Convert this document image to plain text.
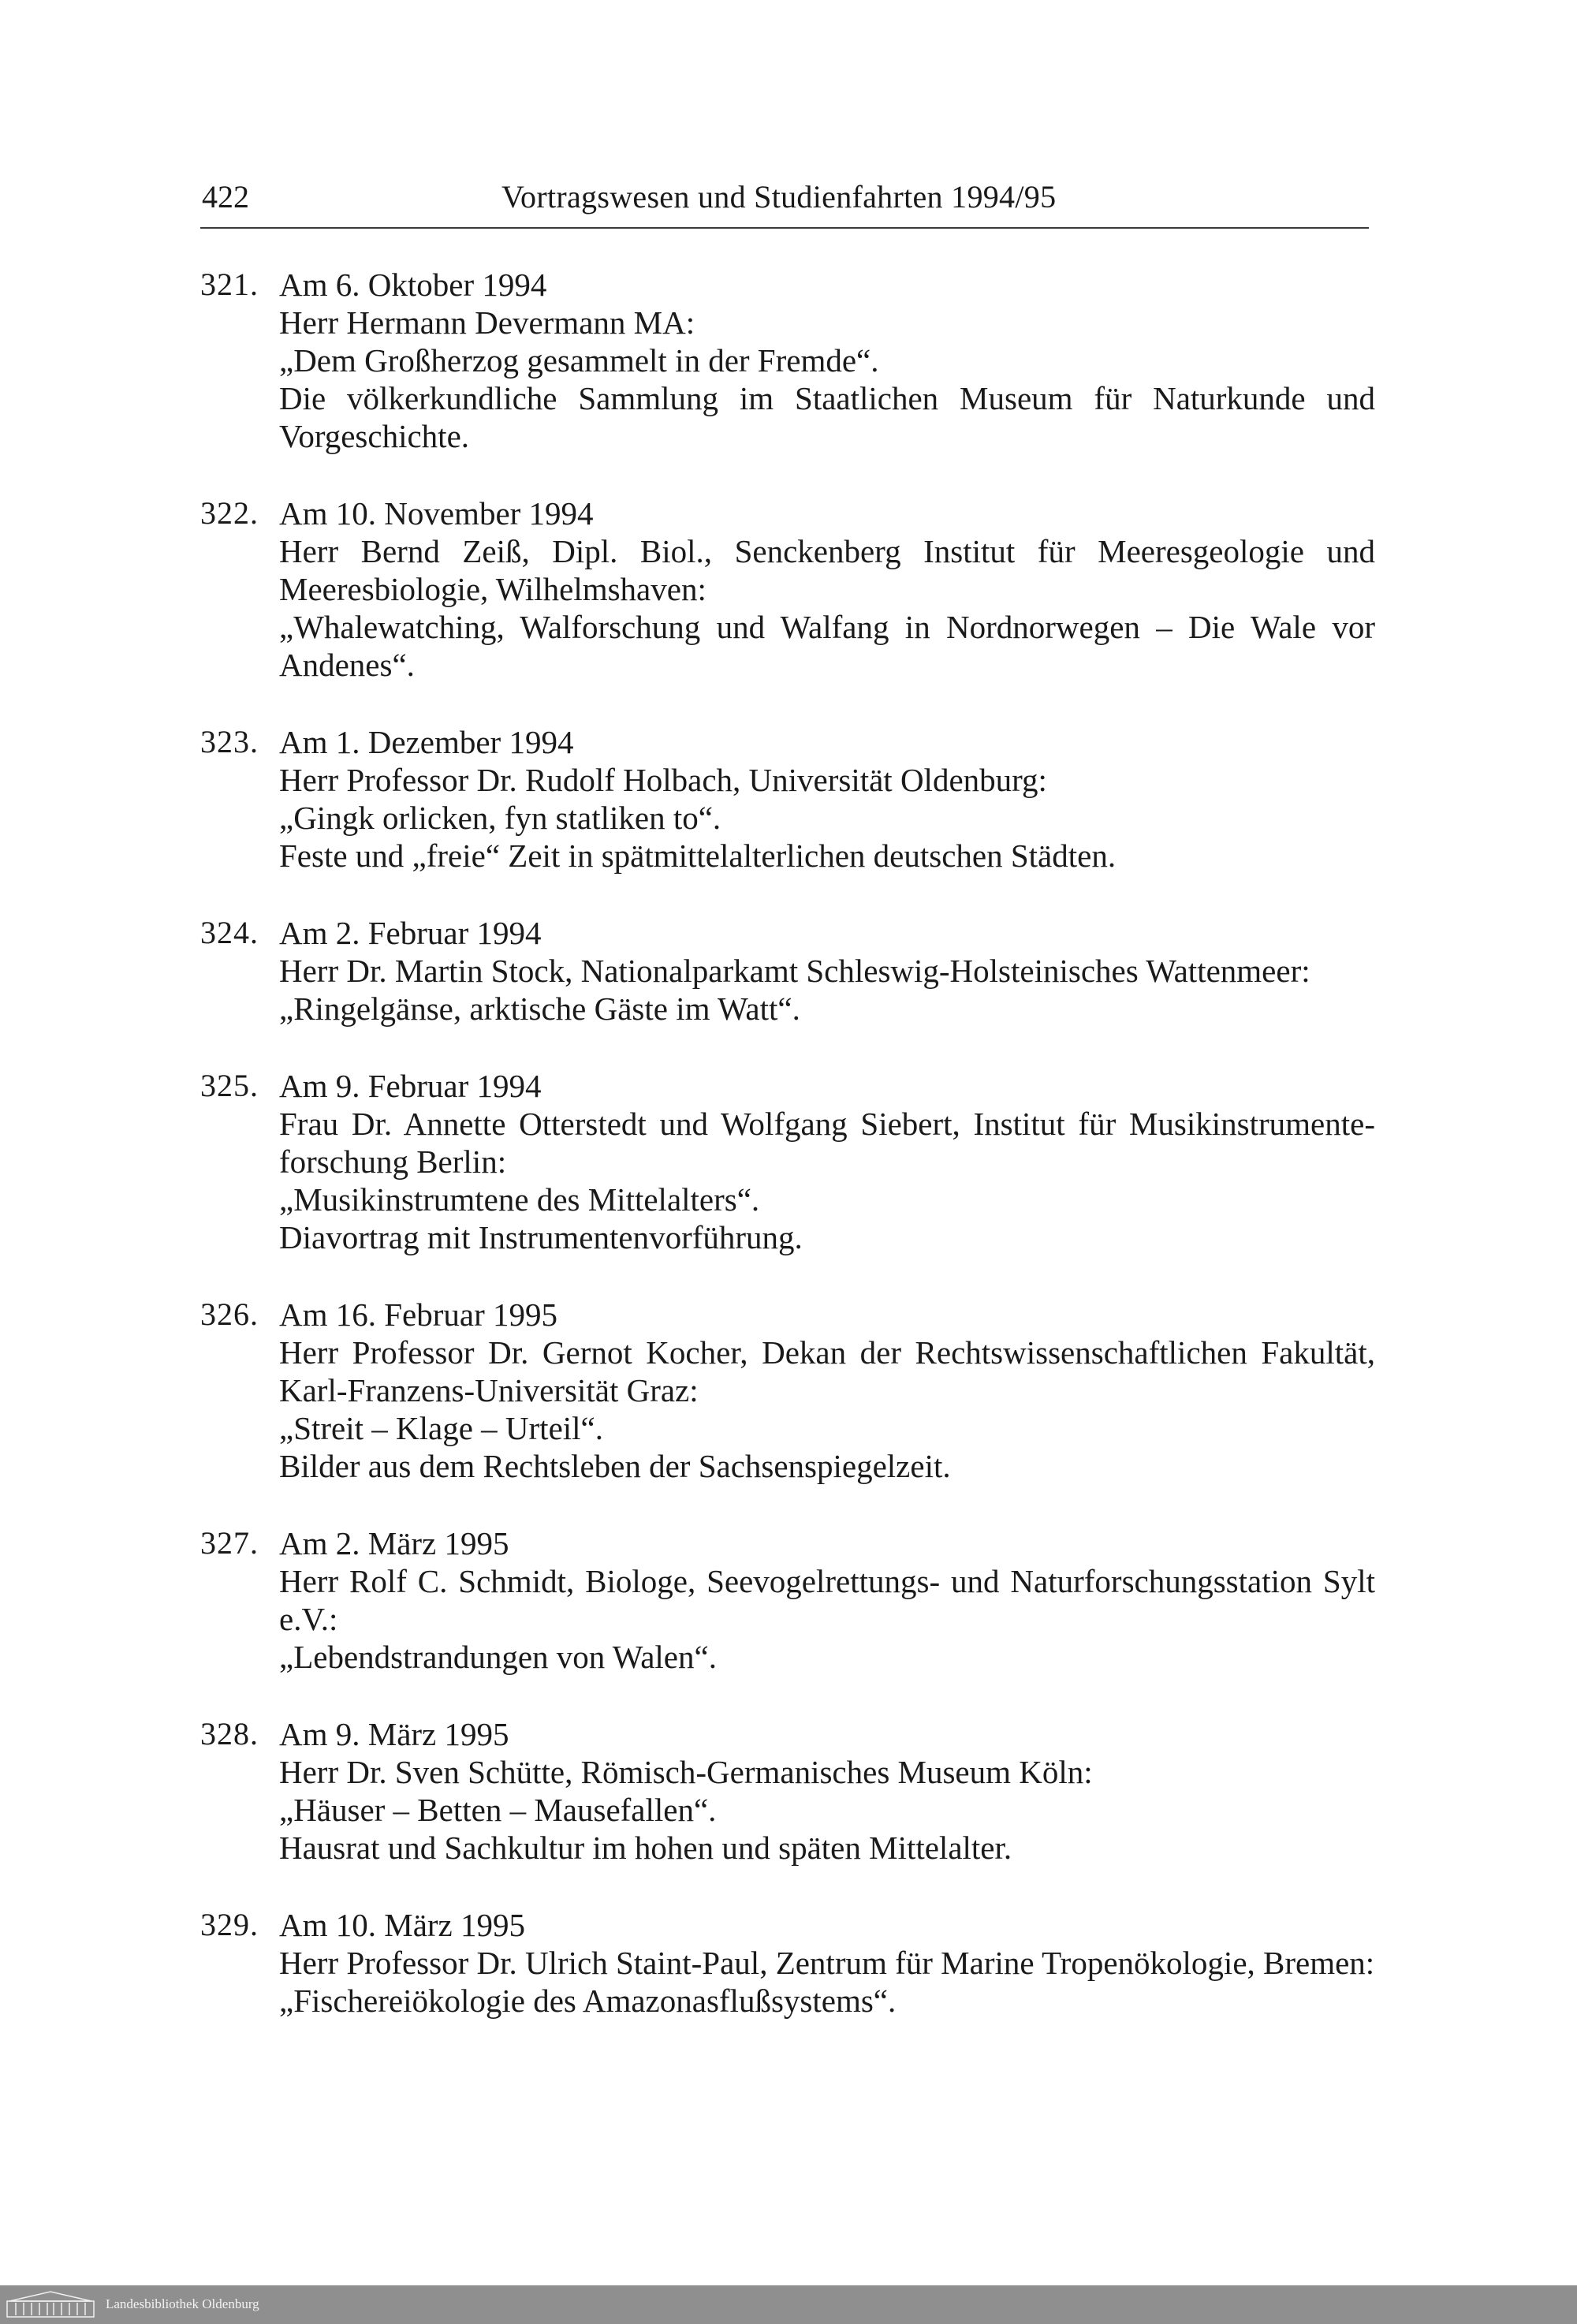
422	Vortragswesen und Studienfahrten 1994/95
321. Am 6. Oktober 1994
Herr Hermann Devermann MA:
„Dem Großherzog gesammelt in der Fremde“.
Die völkerkundliche Sammlung im Staatlichen Museum für Naturkunde und Vorgeschichte.
322. Am 10. November 1994
Herr Bernd Zeiß, Dipl. Biol., Senckenberg Institut für Meeresgeologie und Meeresbiologie, Wilhelmshaven:
„Whalewatching, Walforschung und Walfang in Nordnorwegen – Die Wale vor Andenes“.
323. Am 1. Dezember 1994
Herr Professor Dr. Rudolf Holbach, Universität Oldenburg:
„Gingk orlicken, fyn statliken to“.
Feste und „freie“ Zeit in spätmittelalterlichen deutschen Städten.
324. Am 2. Februar 1994
Herr Dr. Martin Stock, Nationalparkamt Schleswig-Holsteinisches Wattenmeer:
„Ringelgänse, arktische Gäste im Watt“.
325. Am 9. Februar 1994
Frau Dr. Annette Otterstedt und Wolfgang Siebert, Institut für Musikinstrumente-forschung Berlin:
„Musikinstrumtene des Mittelalters“.
Diavortrag mit Instrumentenvorführung.
326. Am 16. Februar 1995
Herr Professor Dr. Gernot Kocher, Dekan der Rechtswissenschaftlichen Fakultät, Karl-Franzens-Universität Graz:
„Streit – Klage – Urteil“.
Bilder aus dem Rechtsleben der Sachsenspiegelzeit.
327. Am 2. März 1995
Herr Rolf C. Schmidt, Biologe, Seevogelrettungs- und Naturforschungsstation Sylt e.V.:
„Lebendstrandungen von Walen“.
328. Am 9. März 1995
Herr Dr. Sven Schütte, Römisch-Germanisches Museum Köln:
„Häuser – Betten – Mausefallen“.
Hausrat und Sachkultur im hohen und späten Mittelalter.
329. Am 10. März 1995
Herr Professor Dr. Ulrich Staint-Paul, Zentrum für Marine Tropenökologie, Bremen:
„Fischereiökologie des Amazonasflußsystems“.
Landesbibliothek Oldenburg
